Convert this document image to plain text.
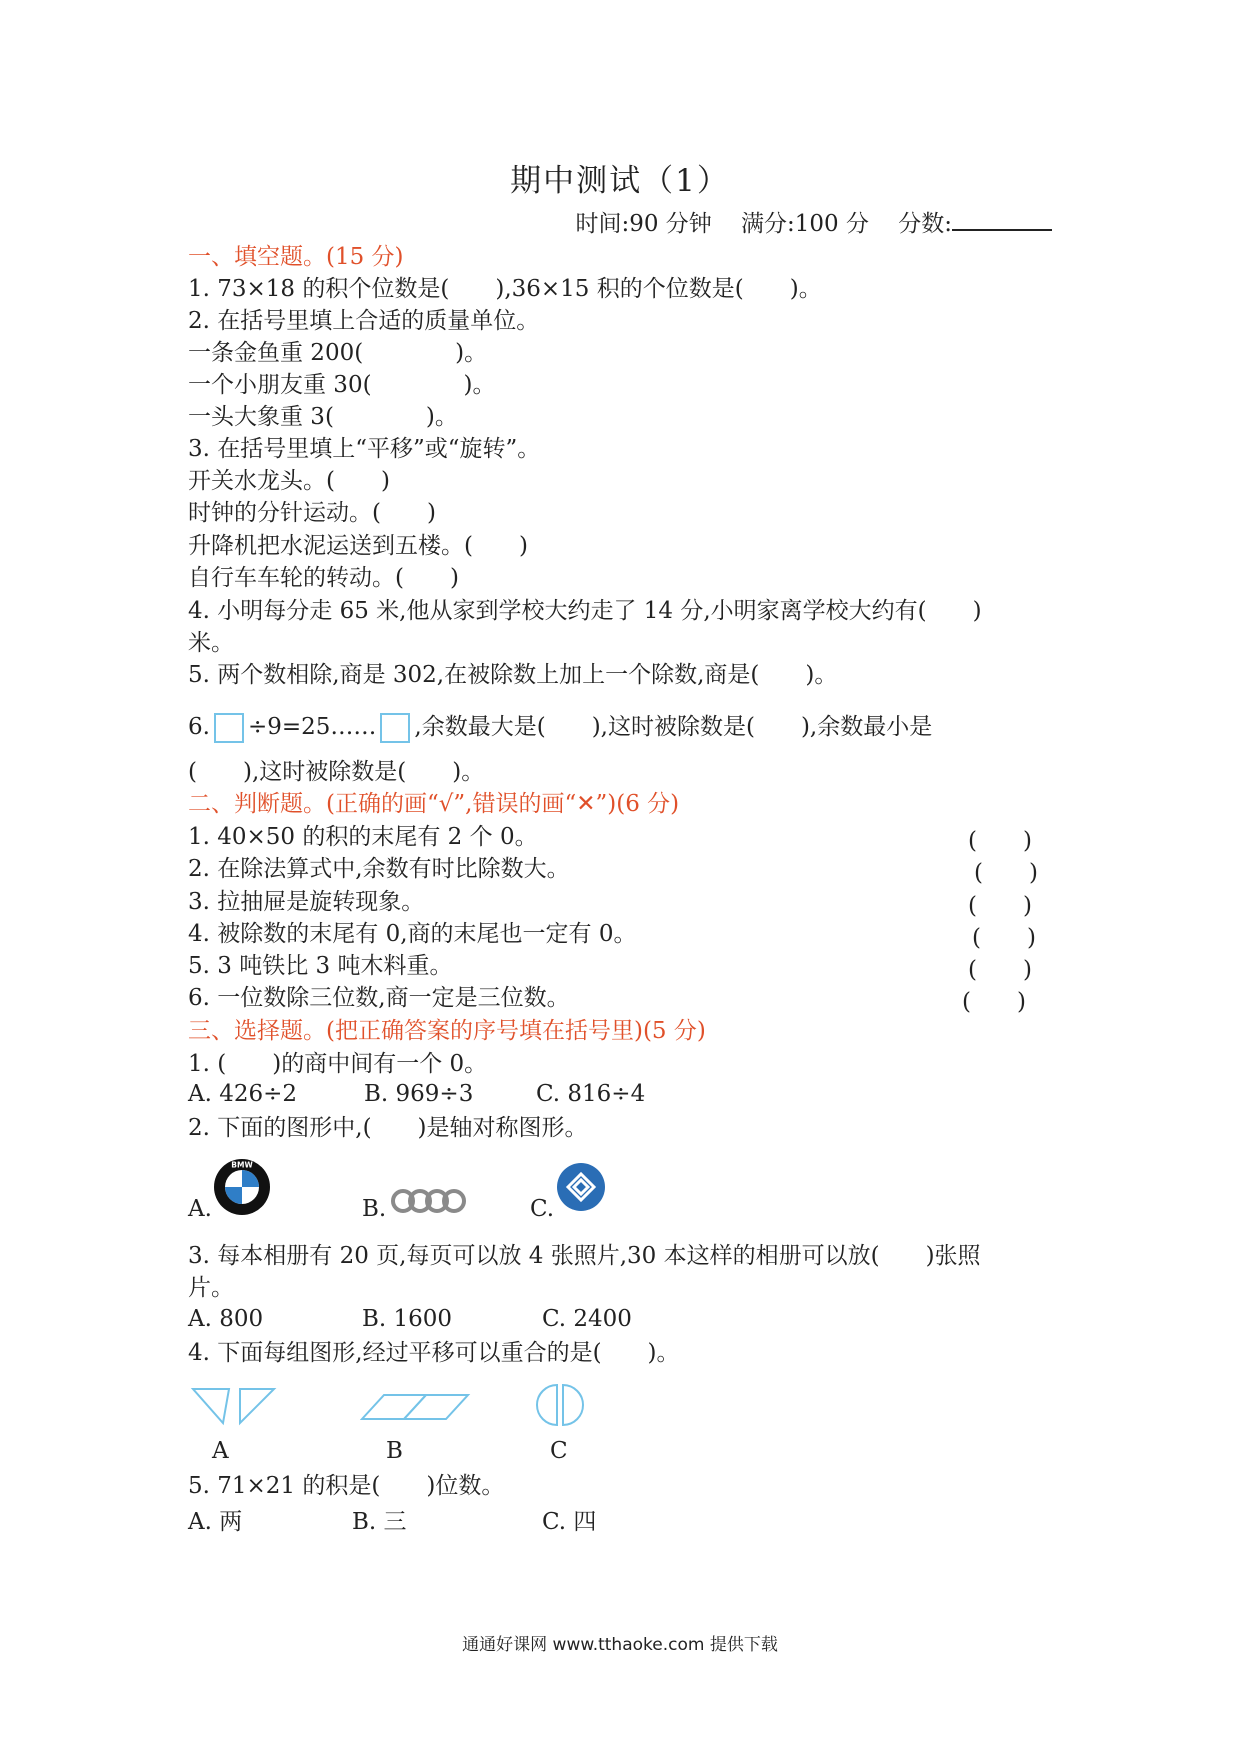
期中测试（1）
时间:90 分钟 满分:100 分 分数:
一、填空题。(15 分)
1. 73×18 的积个位数是(　　),36×15 积的个位数是(　　)。
2. 在括号里填上合适的质量单位。
一条金鱼重 200(　　　　)。
一个小朋友重 30(　　　　)。
一头大象重 3(　　　　)。
3. 在括号里填上“平移”或“旋转”。
开关水龙头。(　　)
时钟的分针运动。(　　)
升降机把水泥运送到五楼。(　　)
自行车车轮的转动。(　　)
4. 小明每分走 65 米,他从家到学校大约走了 14 分,小明家离学校大约有(　　)
米。
5. 两个数相除,商是 302,在被除数上加上一个除数,商是(　　)。
6. ÷9=25…… ,余数最大是(　　),这时被除数是(　　),余数最小是
(　　),这时被除数是(　　)。
二、判断题。(正确的画“√”,错误的画“✕”)(6 分)
1. 40×50 的积的末尾有 2 个 0。	(　　)
2. 在除法算式中,余数有时比除数大。	(　　)
3. 拉抽屉是旋转现象。	(　　)
4. 被除数的末尾有 0,商的末尾也一定有 0。	(　　)
5. 3 吨铁比 3 吨木料重。	(　　)
6. 一位数除三位数,商一定是三位数。	(　　)
三、选择题。(把正确答案的序号填在括号里)(5 分)
1. (　　)的商中间有一个 0。
A. 426÷2	B. 969÷3	C. 816÷4
2. 下面的图形中,(　　)是轴对称图形。
A.
BMW
B.	C.
3. 每本相册有 20 页,每页可以放 4 张照片,30 本这样的相册可以放(　　)张照
片。
A. 800	B. 1600	C. 2400
4. 下面每组图形,经过平移可以重合的是(　　)。
A	B	C
5. 71×21 的积是(　　)位数。
A. 两	B. 三	C. 四
通通好课网 www.tthaoke.com 提供下载
